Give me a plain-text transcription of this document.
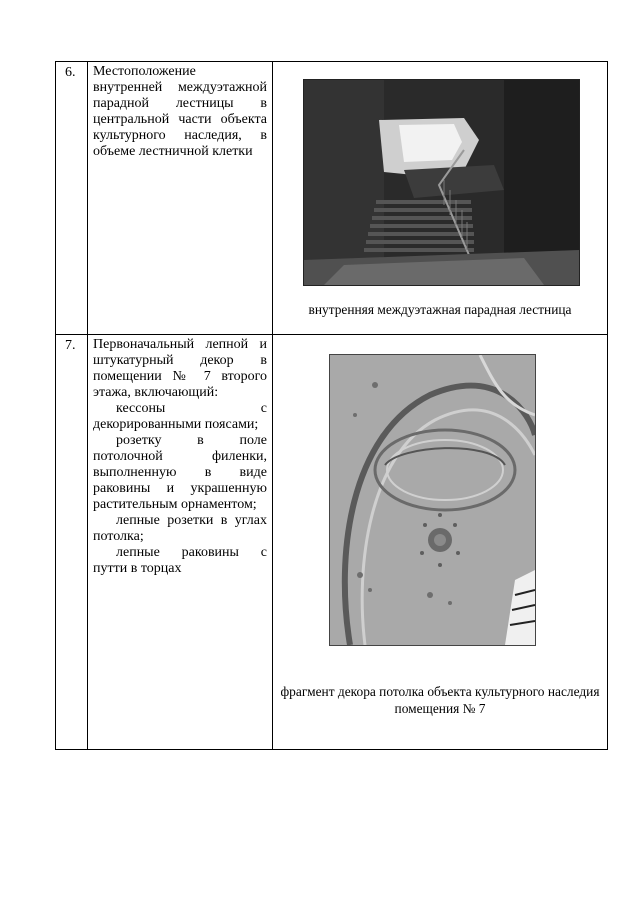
6.	Местоположение внутренней междуэтажной парадной лестницы в центральной части объекта культурного наследия, в объеме лестничной клетки	внутренняя междуэтажная парадная лестница

7.	Первоначальный лепной и штукатурный декор в помещении № 7 второго этажа, включающий:

кессоны с декорированными поясами;

розетку в поле потолочной филенки, выполненную в виде раковины и украшенную растительным орнаментом;

лепные розетки в углах потолка;

лепные раковины с путти в торцах	фрагмент декора потолка объекта культурного наследия помещения № 7
